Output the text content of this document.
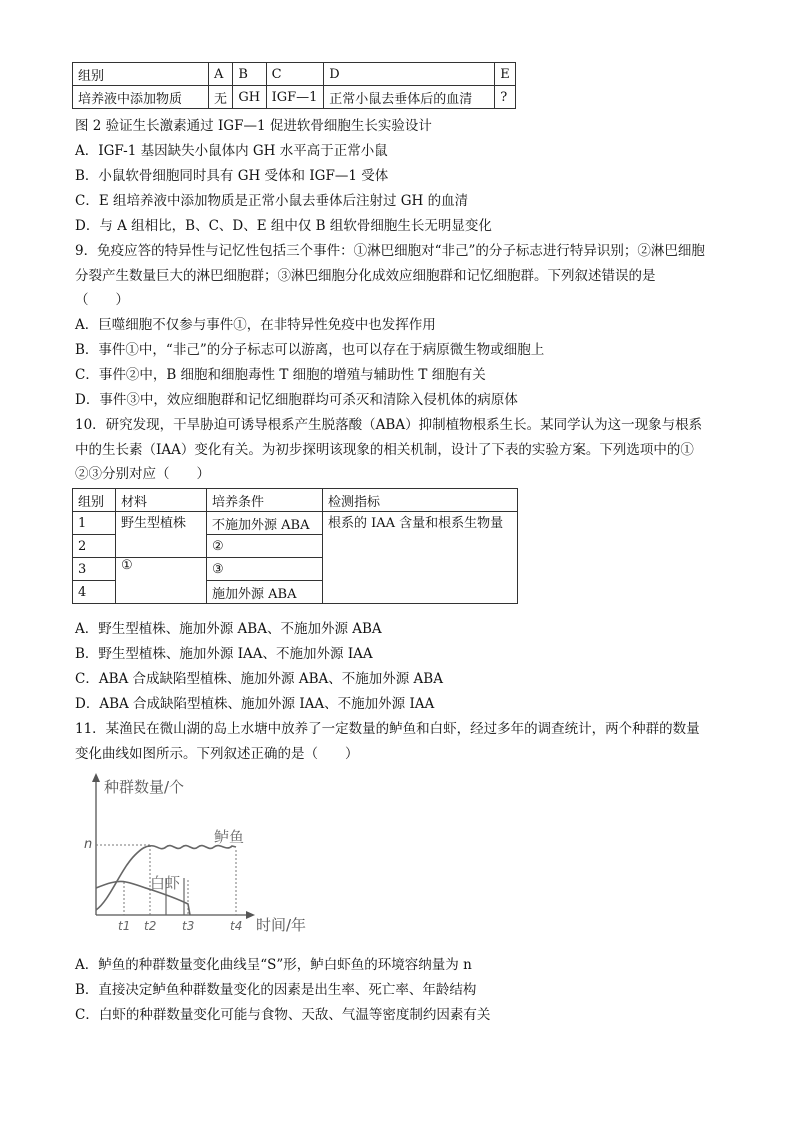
组别	A	B	C	D	E
培养液中添加物质	无	GH	IGF—1	正常小鼠去垂体后的血清	?
图 2 验证生长激素通过 IGF—1 促进软骨细胞生长实验设计
A．IGF-1 基因缺失小鼠体内 GH 水平高于正常小鼠
B．小鼠软骨细胞同时具有 GH 受体和 IGF—1 受体
C．E 组培养液中添加物质是正常小鼠去垂体后注射过 GH 的血清
D．与 A 组相比，B、C、D、E 组中仅 B 组软骨细胞生长无明显变化
9．免疫应答的特异性与记忆性包括三个事件：①淋巴细胞对“非己”的分子标志进行特异识别；②淋巴细胞
分裂产生数量巨大的淋巴细胞群；③淋巴细胞分化成效应细胞群和记忆细胞群。下列叙述错误的是
（　　）
A．巨噬细胞不仅参与事件①，在非特异性免疫中也发挥作用
B．事件①中，“非己”的分子标志可以游离，也可以存在于病原微生物或细胞上
C．事件②中，B 细胞和细胞毒性 T 细胞的增殖与辅助性 T 细胞有关
D．事件③中，效应细胞群和记忆细胞群均可杀灭和清除入侵机体的病原体
10．研究发现，干旱胁迫可诱导根系产生脱落酸（ABA）抑制植物根系生长。某同学认为这一现象与根系
中的生长素（IAA）变化有关。为初步探明该现象的相关机制，设计了下表的实验方案。下列选项中的①
②③分别对应（　　）
组别	材料	培养条件	检测指标
1	野生型植株	不施加外源 ABA	根系的 IAA 含量和根系生物量
2		②	
3	①	③	
4		施加外源 ABA	
A．野生型植株、施加外源 ABA、不施加外源 ABA
B．野生型植株、施加外源 IAA、不施加外源 IAA
C．ABA 合成缺陷型植株、施加外源 ABA、不施加外源 ABA
D．ABA 合成缺陷型植株、施加外源 IAA、不施加外源 IAA
11．某渔民在微山湖的岛上水塘中放养了一定数量的鲈鱼和白虾，经过多年的调查统计，两个种群的数量
变化曲线如图所示。下列叙述正确的是（　　）
种群数量/个
时间/年
n	鲈鱼
白虾
t1 t2 t3	t4
A．鲈鱼的种群数量变化曲线呈“S”形，鲈白虾鱼的环境容纳量为 n
B．直接决定鲈鱼种群数量变化的因素是出生率、死亡率、年龄结构
C．白虾的种群数量变化可能与食物、天敌、气温等密度制约因素有关
